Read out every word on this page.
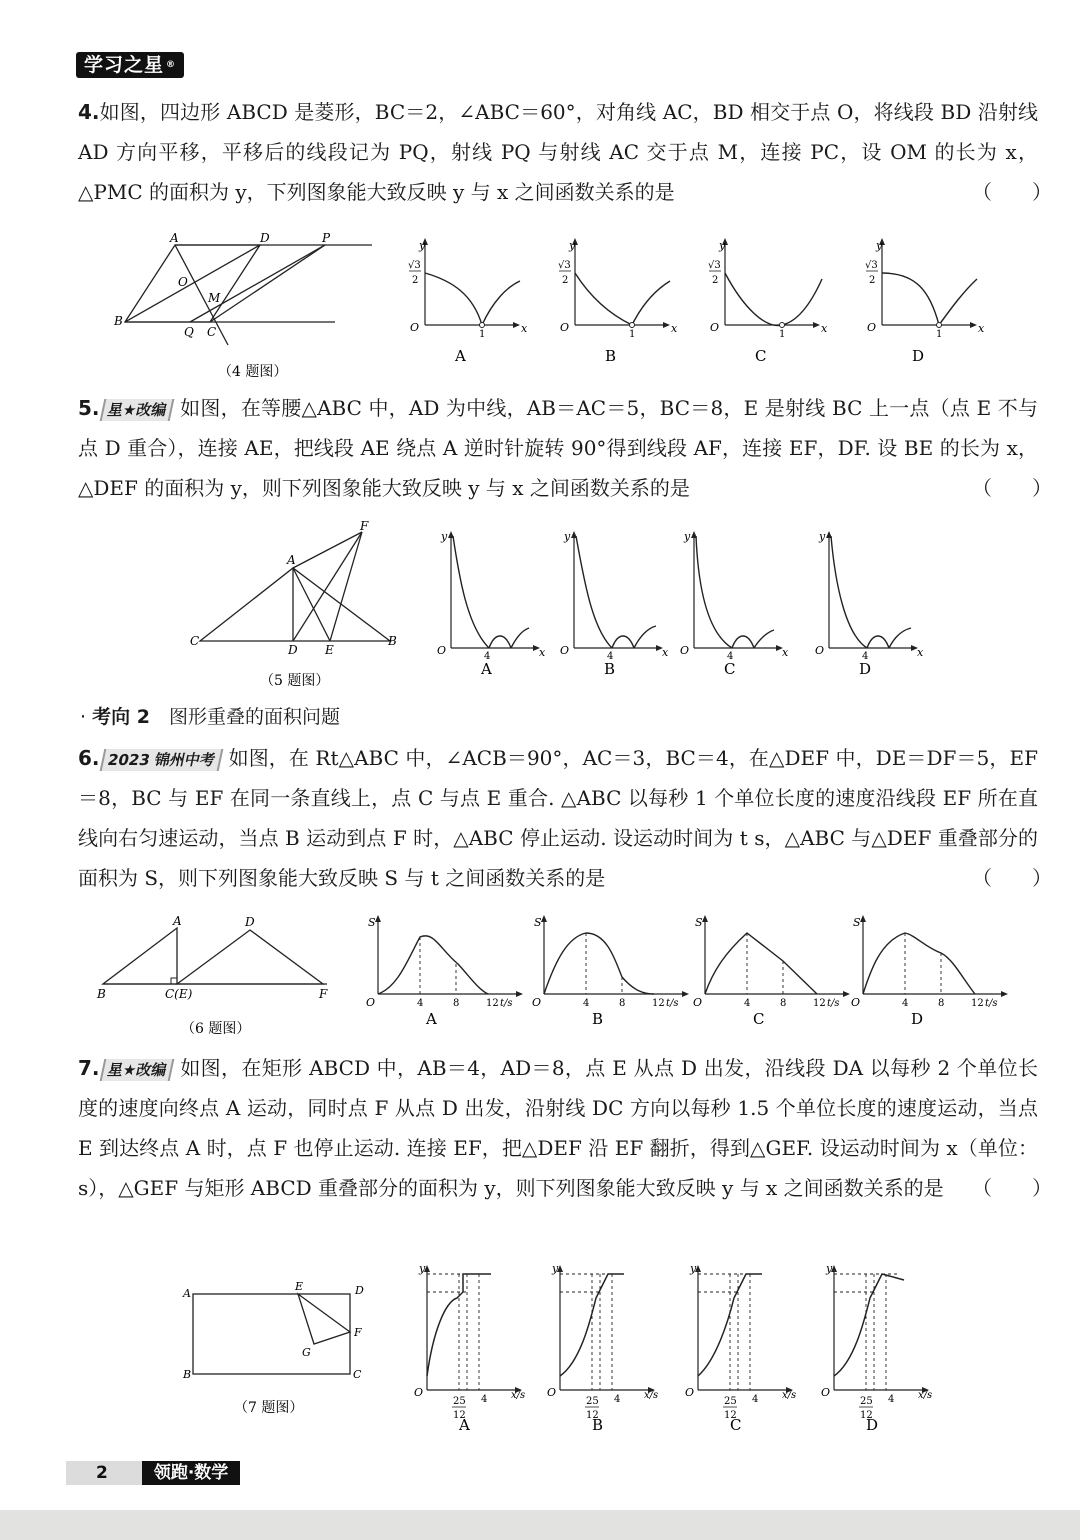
学习之星 ®
4.如图，四边形 ABCD 是菱形，BC＝2，∠ABC＝60°，对角线 AC，BD 相交于点 O，将线段 BD 沿射线 AD 方向平移，平移后的线段记为 PQ，射线 PQ 与射线 AC 交于点 M，连接 PC，设 OM 的长为 x，△PMC 的面积为 y，下列图象能大致反映 y 与 x 之间函数关系的是	（　　）
A	D	P
B
O
M
Q C
（4 题图）
5. 星★改编 如图，在等腰△ABC 中，AD 为中线，AB＝AC＝5，BC＝8，E 是射线 BC 上一点（点 E 不与点 D 重合），连接 AE，把线段 AE 绕点 A 逆时针旋转 90°得到线段 AF，连接 EF，DF. 设 BE 的长为 x，△DEF 的面积为 y，则下列图象能大致反映 y 与 x 之间函数关系的是	（　　）
C
A
B
D E
F
（5 题图）
· 考向 2　 图形重叠的面积问题
6. 2023 锦州中考 如图，在 Rt△ABC 中，∠ACB＝90°，AC＝3，BC＝4，在△DEF 中，DE＝DF＝5，EF＝8，BC 与 EF 在同一条直线上，点 C 与点 E 重合. △ABC 以每秒 1 个单位长度的速度沿线段 EF 所在直线向右匀速运动，当点 B 运动到点 F 时，△ABC 停止运动. 设运动时间为 t s，△ABC 与△DEF 重叠部分的面积为 S，则下列图象能大致反映 S 与 t 之间函数关系的是	（　　）
A	D
B	C(E)	F
（6 题图）
7. 星★改编 如图，在矩形 ABCD 中，AB＝4，AD＝8，点 E 从点 D 出发，沿线段 DA 以每秒 2 个单位长度的速度向终点 A 运动，同时点 F 从点 D 出发，沿射线 DC 方向以每秒 1.5 个单位长度的速度运动，当点 E 到达终点 A 时，点 F 也停止运动. 连接 EF，把△DEF 沿 EF 翻折，得到△GEF. 设运动时间为 x（单位：s），△GEF 与矩形 ABCD 重叠部分的面积为 y，则下列图象能大致反映 y 与 x 之间函数关系的是 （　　）
A
E	D
F
G
B	C
（7 题图）
y
x
O
√3
2
1
A
y
x
O
√3
2
1
B
y
x
O
√3
2
1
C
y
x
O
√3
2
1
D
y
x
O	4
A
y
x
O	4
B
y
x
O	4
C
y
x
O	4
D
S
O	4	8	12 t/s
A
S
O	4	8	12 t/s
B
S
O	4	8	12 t/s
C
S
O	4	8	12 t/s
D
y
x/s
O
25
12
4
A
y
x/s
O
25
12
4
B
y
x/s
O
25
12
4
C
y
x/s
O
25
12
4
D
2	领跑·数学
